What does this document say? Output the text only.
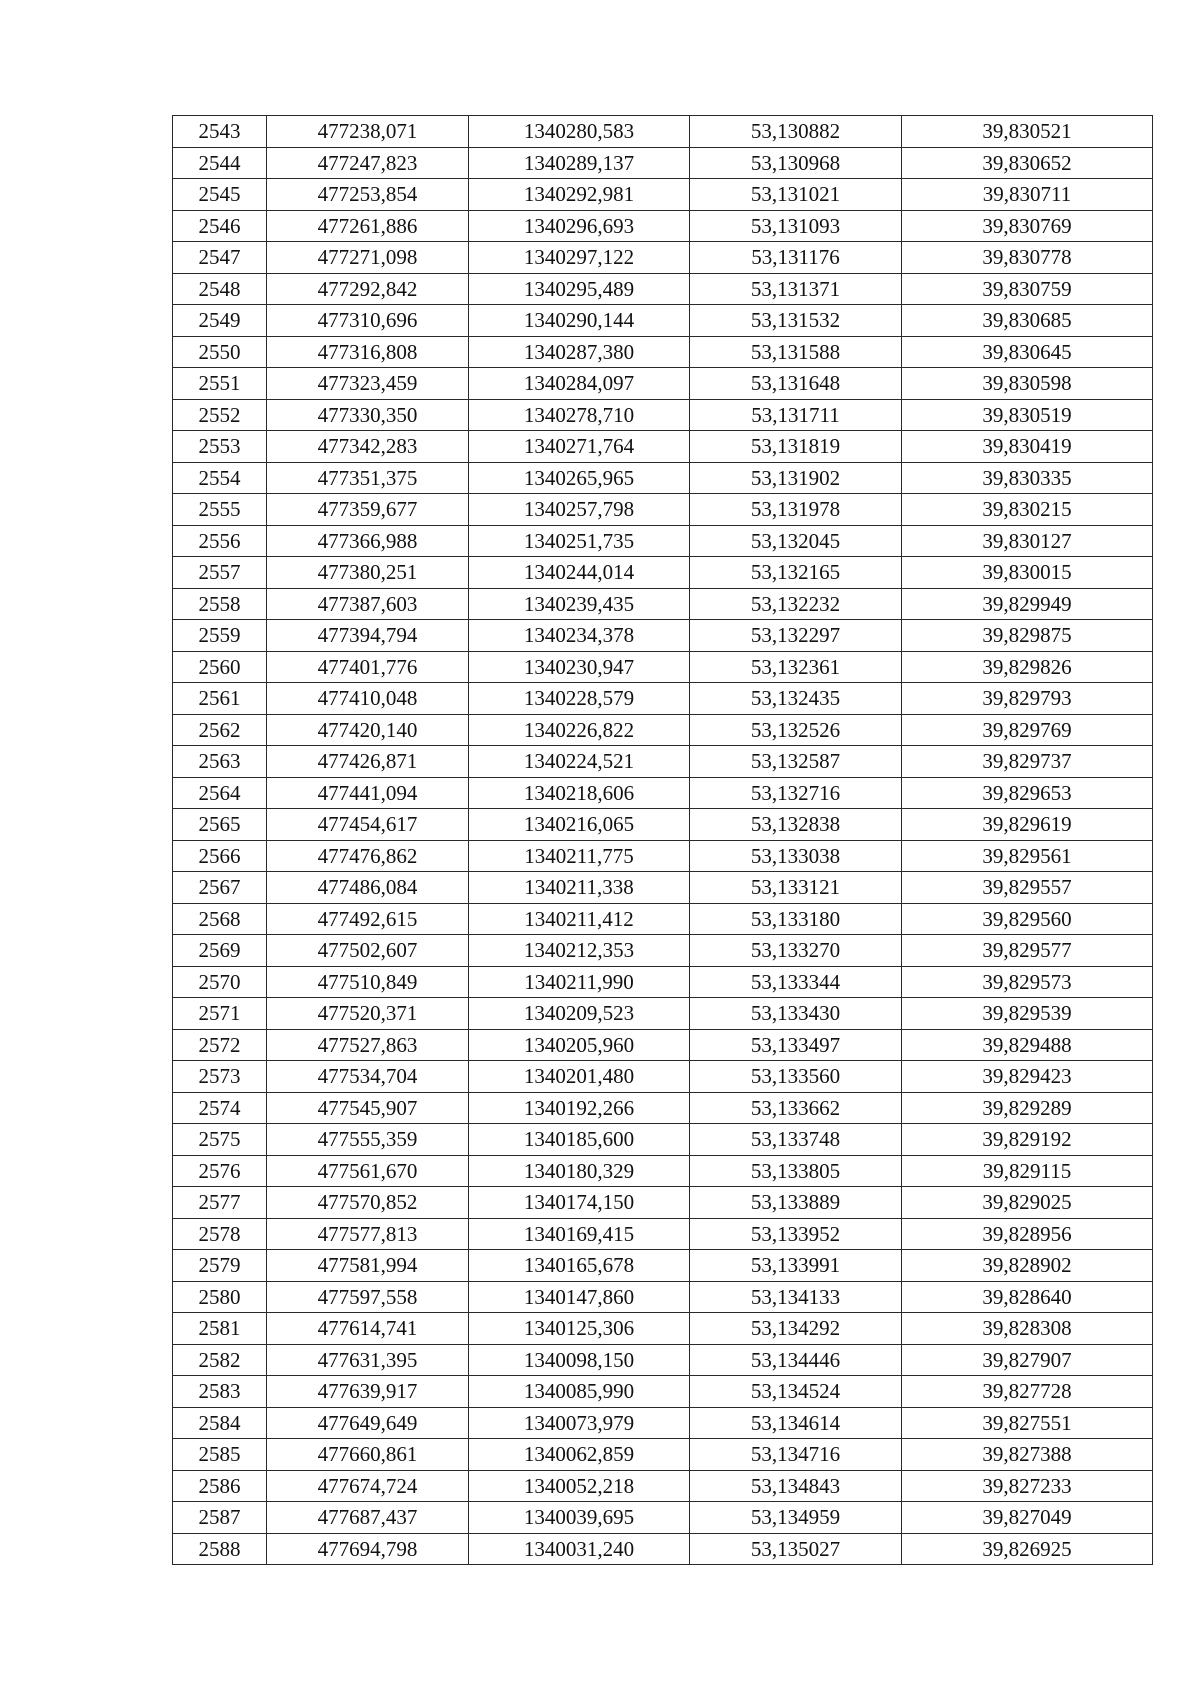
2543	477238,071	1340280,583	53,130882	39,830521
2544	477247,823	1340289,137	53,130968	39,830652
2545	477253,854	1340292,981	53,131021	39,830711
2546	477261,886	1340296,693	53,131093	39,830769
2547	477271,098	1340297,122	53,131176	39,830778
2548	477292,842	1340295,489	53,131371	39,830759
2549	477310,696	1340290,144	53,131532	39,830685
2550	477316,808	1340287,380	53,131588	39,830645
2551	477323,459	1340284,097	53,131648	39,830598
2552	477330,350	1340278,710	53,131711	39,830519
2553	477342,283	1340271,764	53,131819	39,830419
2554	477351,375	1340265,965	53,131902	39,830335
2555	477359,677	1340257,798	53,131978	39,830215
2556	477366,988	1340251,735	53,132045	39,830127
2557	477380,251	1340244,014	53,132165	39,830015
2558	477387,603	1340239,435	53,132232	39,829949
2559	477394,794	1340234,378	53,132297	39,829875
2560	477401,776	1340230,947	53,132361	39,829826
2561	477410,048	1340228,579	53,132435	39,829793
2562	477420,140	1340226,822	53,132526	39,829769
2563	477426,871	1340224,521	53,132587	39,829737
2564	477441,094	1340218,606	53,132716	39,829653
2565	477454,617	1340216,065	53,132838	39,829619
2566	477476,862	1340211,775	53,133038	39,829561
2567	477486,084	1340211,338	53,133121	39,829557
2568	477492,615	1340211,412	53,133180	39,829560
2569	477502,607	1340212,353	53,133270	39,829577
2570	477510,849	1340211,990	53,133344	39,829573
2571	477520,371	1340209,523	53,133430	39,829539
2572	477527,863	1340205,960	53,133497	39,829488
2573	477534,704	1340201,480	53,133560	39,829423
2574	477545,907	1340192,266	53,133662	39,829289
2575	477555,359	1340185,600	53,133748	39,829192
2576	477561,670	1340180,329	53,133805	39,829115
2577	477570,852	1340174,150	53,133889	39,829025
2578	477577,813	1340169,415	53,133952	39,828956
2579	477581,994	1340165,678	53,133991	39,828902
2580	477597,558	1340147,860	53,134133	39,828640
2581	477614,741	1340125,306	53,134292	39,828308
2582	477631,395	1340098,150	53,134446	39,827907
2583	477639,917	1340085,990	53,134524	39,827728
2584	477649,649	1340073,979	53,134614	39,827551
2585	477660,861	1340062,859	53,134716	39,827388
2586	477674,724	1340052,218	53,134843	39,827233
2587	477687,437	1340039,695	53,134959	39,827049
2588	477694,798	1340031,240	53,135027	39,826925
